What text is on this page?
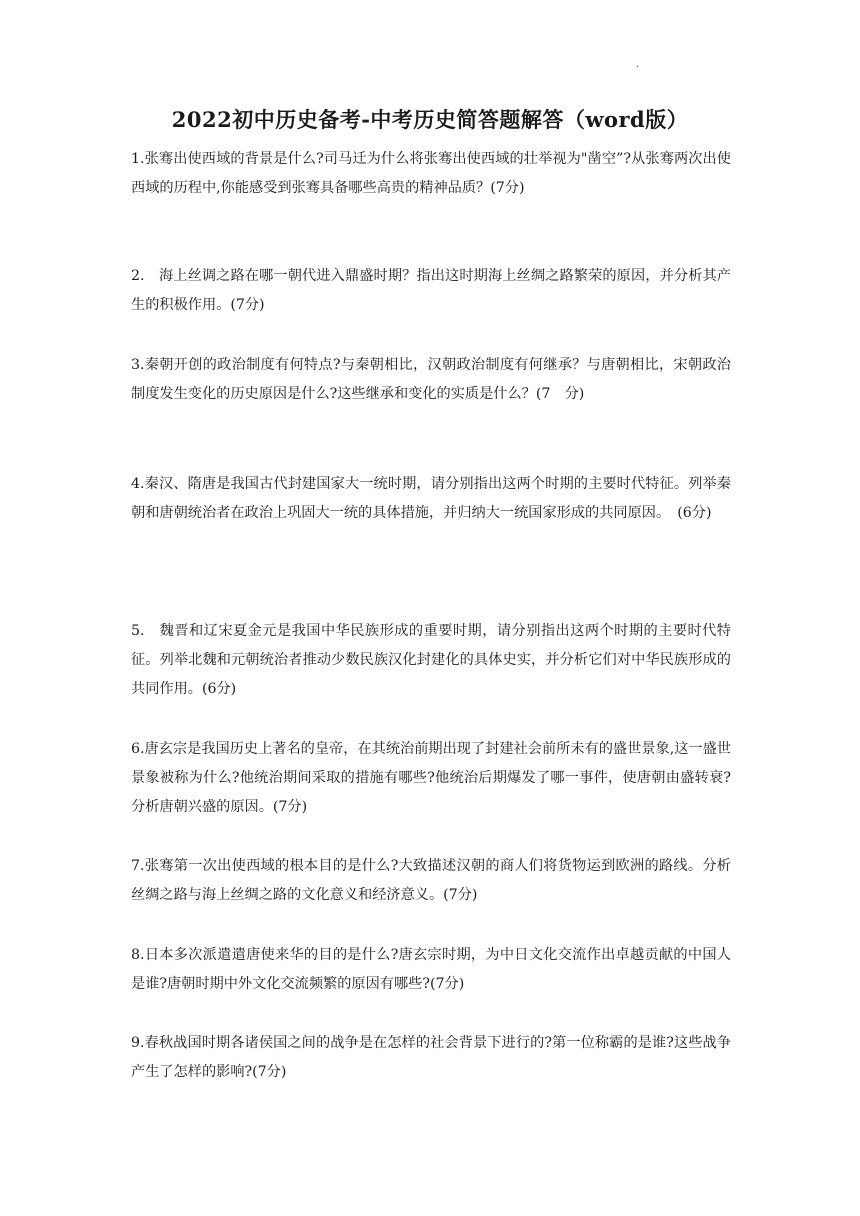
·
2022初中历史备考-中考历史简答题解答（word版）

1.张骞出使西域的背景是什么?司马迁为什么将张骞出使西域的壮举视为"凿空”?从张骞两次出使西域的历程中,你能感受到张骞具备哪些高贵的精神品质？(7分)

2.　海上丝调之路在哪一朝代进入鼎盛时期？指出这时期海上丝绸之路繁荣的原因，并分析其产生的积极作用。(7分)

3.秦朝开创的政治制度有何特点?与秦朝相比，汉朝政治制度有何继承？与唐朝相比，宋朝政治制度发生变化的历史原因是什么?这些继承和变化的实质是什么？(7　分)

4.秦汉、隋唐是我国古代封建国家大一统时期，请分别指出这两个时期的主要时代特征。列举秦朝和唐朝统治者在政治上巩固大一统的具体措施，并归纳大一统国家形成的共同原因。　(6分)

5.　魏晋和辽宋夏金元是我国中华民族形成的重要时期，请分别指出这两个时期的主要时代特征。列举北魏和元朝统治者推动少数民族汉化封建化的具体史实，并分析它们对中华民族形成的共同作用。(6分)

6.唐玄宗是我国历史上著名的皇帝，在其统治前期出现了封建社会前所未有的盛世景象,这一盛世景象被称为什么?他统治期间采取的措施有哪些?他统治后期爆发了哪一事件，使唐朝由盛转衰?分析唐朝兴盛的原因。(7分)

7.张骞第一次出使西域的根本目的是什么?大致描述汉朝的商人们将货物运到欧洲的路线。分析丝绸之路与海上丝绸之路的文化意义和经济意义。(7分)

8.日本多次派遣遣唐使来华的目的是什么?唐玄宗时期，为中日文化交流作出卓越贡献的中国人是谁?唐朝时期中外文化交流频繁的原因有哪些?(7分)

9.春秋战国时期各诸侯国之间的战争是在怎样的社会背景下进行的?第一位称霸的是谁?这些战争产生了怎样的影响?(7分)
